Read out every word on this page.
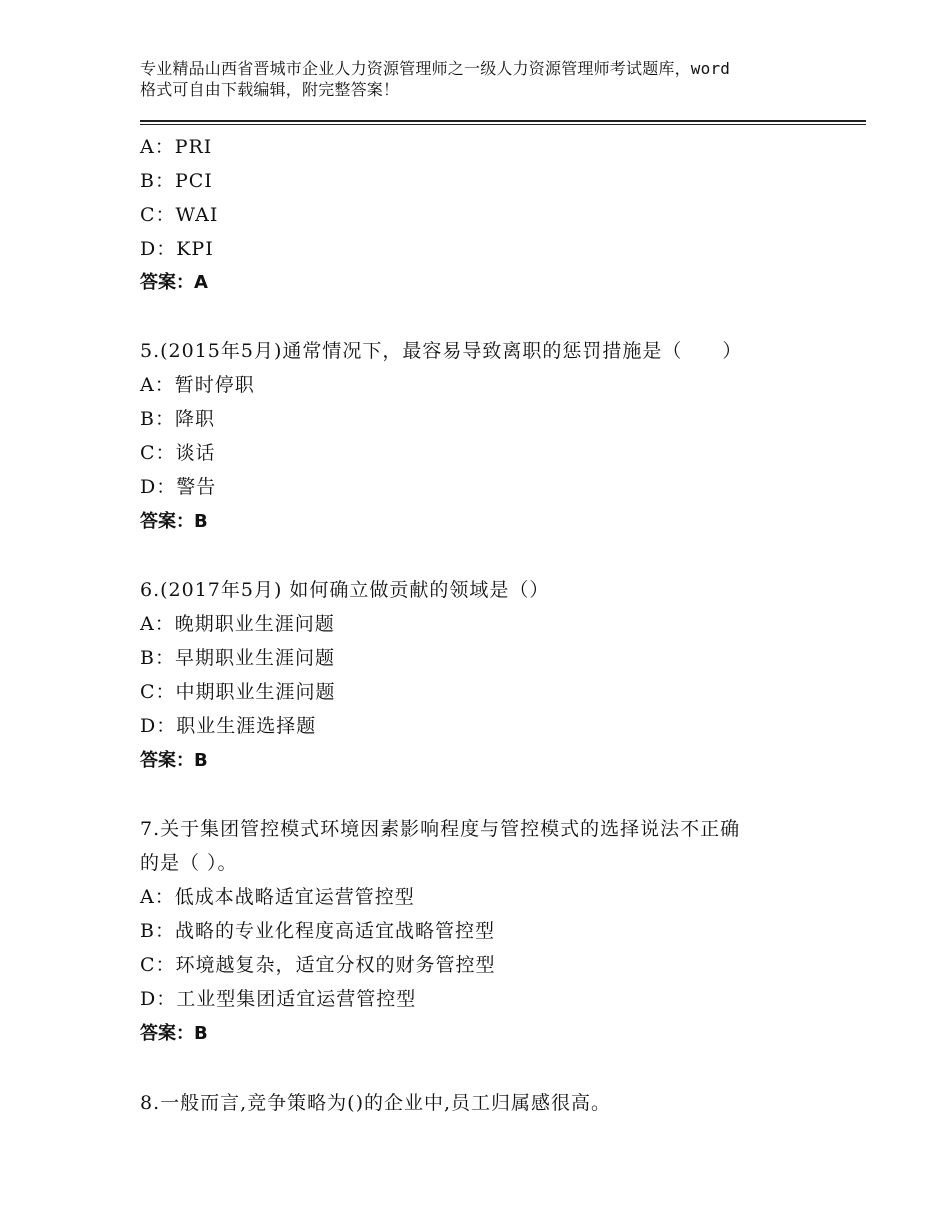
专业精品山西省晋城市企业人力资源管理师之一级人力资源管理师考试题库，word
格式可自由下载编辑，附完整答案！
A：PRI
B：PCI
C：WAI
D：KPI
答案：A
5.(2015年5月)通常情况下，最容易导致离职的惩罚措施是（　　）
A：暂时停职
B：降职
C：谈话
D：警告
答案：B
6.(2017年5月) 如何确立做贡献的领域是（）
A：晚期职业生涯问题
B：早期职业生涯问题
C：中期职业生涯问题
D：职业生涯选择题
答案：B
7.关于集团管控模式环境因素影响程度与管控模式的选择说法不正确
的是（ ）。
A：低成本战略适宜运营管控型
B：战略的专业化程度高适宜战略管控型
C：环境越复杂，适宜分权的财务管控型
D：工业型集团适宜运营管控型
答案：B
8.一般而言,竞争策略为()的企业中,员工归属感很高。
